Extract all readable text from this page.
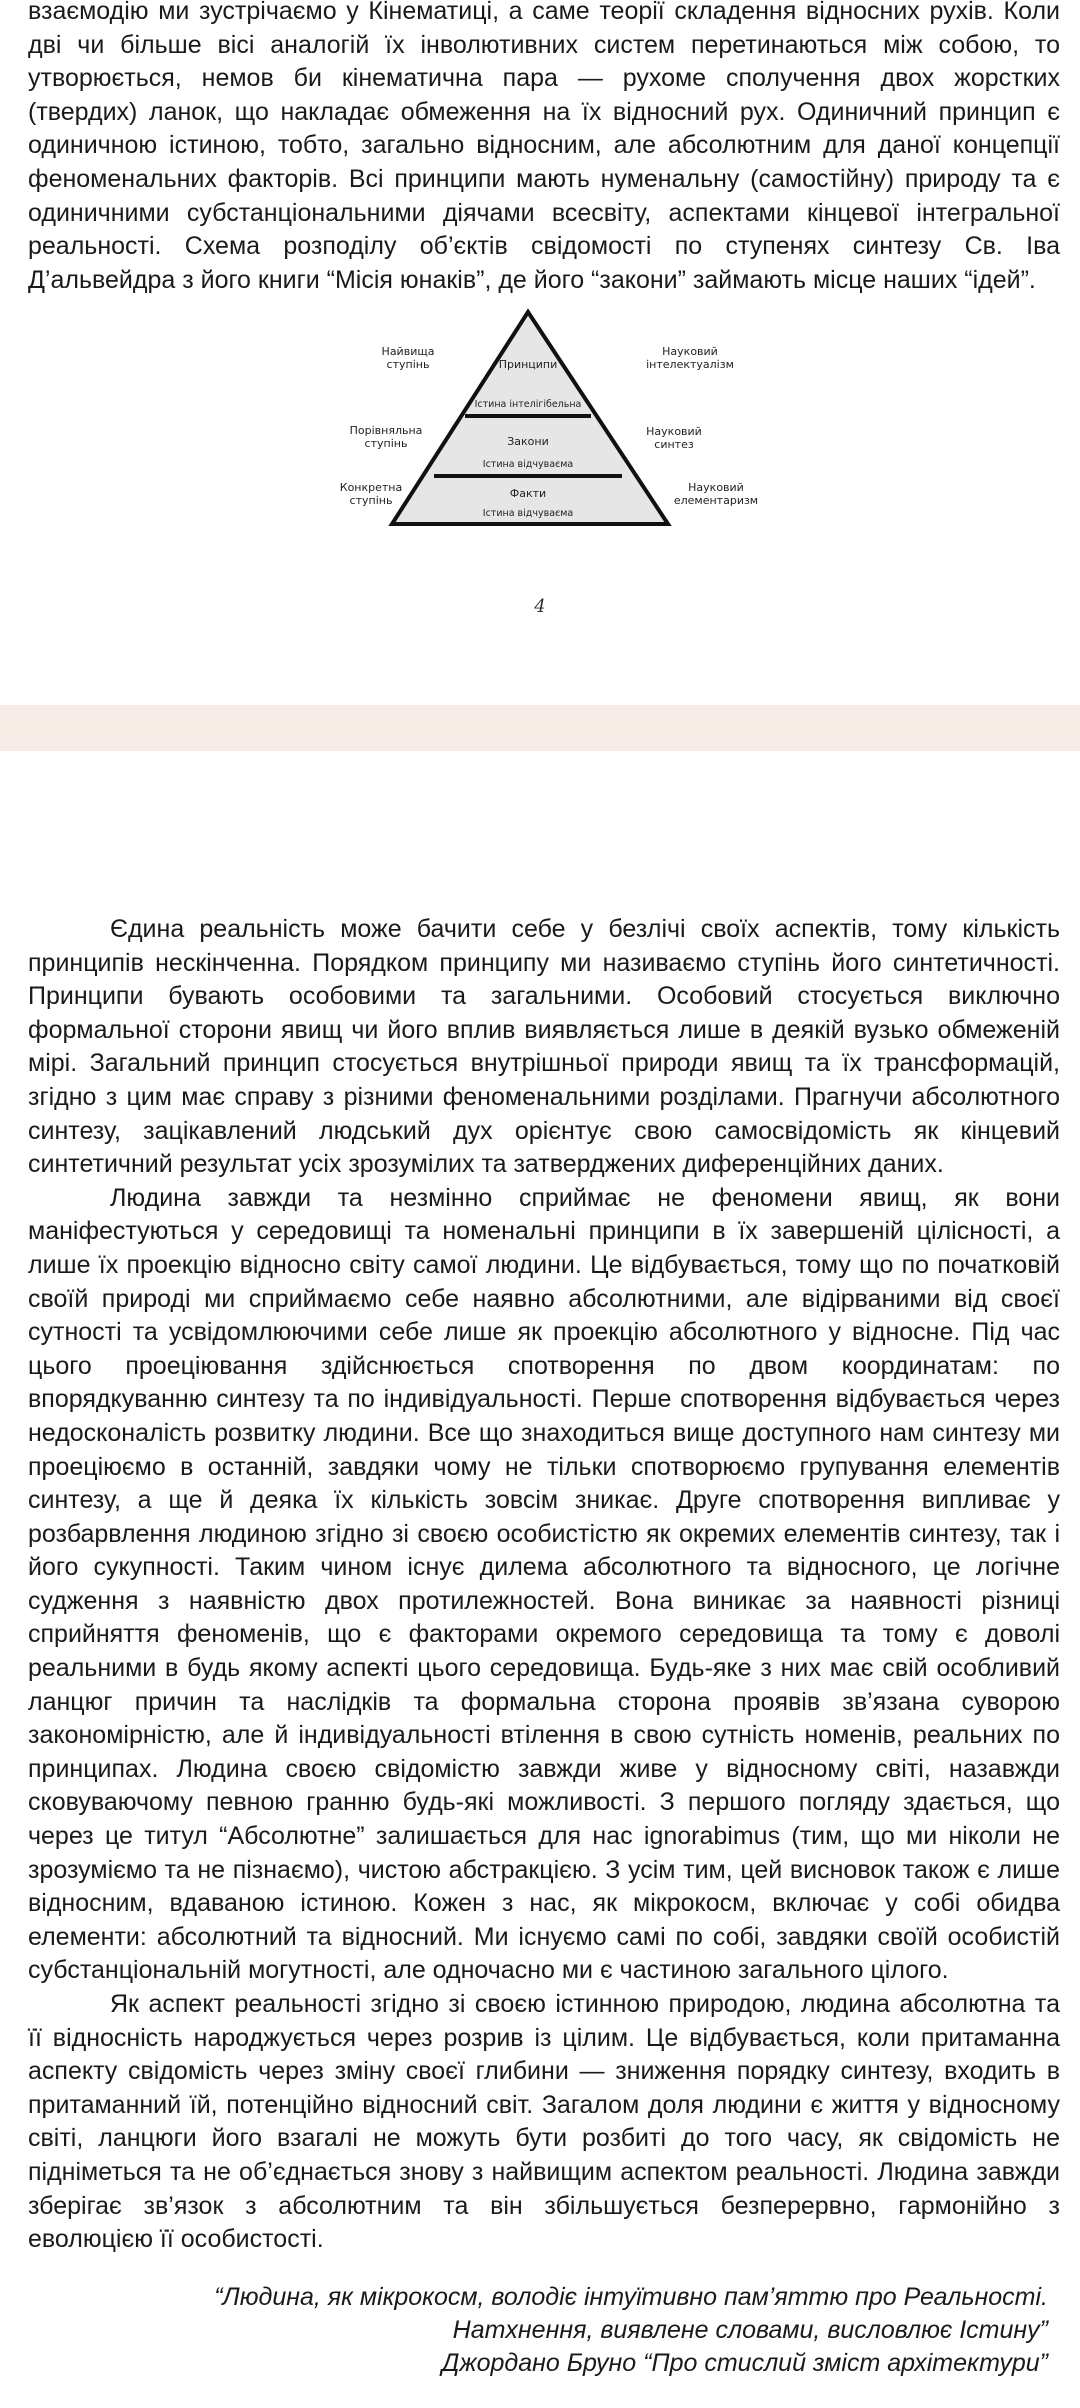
взаємодію ми зустрічаємо у Кінематиці, а саме теорії складення відносних рухів. Коли
дві чи більше вісі аналогій їх інволютивних систем перетинаються між собою, то
утворюється, немов би кінематична пара — рухоме сполучення двох жорстких
(твердих) ланок, що накладає обмеження на їх відносний рух. Одиничний принцип є
одиничною істиною, тобто, загально відносним, але абсолютним для даної концепції
феноменальних факторів. Всі принципи мають нуменальну (самостійну) природу та є
одиничними субстанціональними діячами всесвіту, аспектами кінцевої інтегральної
реальності. Схема розподілу об’єктів свідомості по ступенях синтезу Св. Іва
Д’альвейдра з його книги “Місія юнаків”, де його “закони” займають місце наших “ідей”.
Принципи
Істина інтелігібельна
Найвища
ступінь
Науковий
інтелектуалізм
Закони
Істина відчуваєма
Порівняльна
ступінь
Науковий
синтез
Факти
Істина відчуваєма
Конкретна
ступінь
Науковий
елементаризм
4
Єдина реальність може бачити себе у безлічі своїх аспектів, тому кількість
принципів нескінченна. Порядком принципу ми називаємо ступінь його синтетичності.
Принципи бувають особовими та загальними. Особовий стосується виключно
формальної сторони явищ чи його вплив виявляється лише в деякій вузько обмеженій
мірі. Загальний принцип стосується внутрішньої природи явищ та їх трансформацій,
згідно з цим має справу з різними феноменальними розділами. Прагнучи абсолютного
синтезу, зацікавлений людський дух орієнтує свою самосвідомість як кінцевий
синтетичний результат усіх зрозумілих та затверджених диференційних даних.
Людина завжди та незмінно сприймає не феномени явищ, як вони
маніфестуються у середовищі та номенальні принципи в їх завершеній цілісності, а
лише їх проекцію відносно світу самої людини. Це відбувається, тому що по початковій
своїй природі ми сприймаємо себе наявно абсолютними, але відірваними від своєї
сутності та усвідомлюючими себе лише як проекцію абсолютного у відносне. Під час
цього проеціювання здійснюється спотворення по двом координатам: по
впорядкуванню синтезу та по індивідуальності. Перше спотворення відбувається через
недосконалість розвитку людини. Все що знаходиться вище доступного нам синтезу ми
проеціюємо в останній, завдяки чому не тільки спотворюємо групування елементів
синтезу, а ще й деяка їх кількість зовсім зникає. Друге спотворення випливає у
розбарвлення людиною згідно зі своєю особистістю як окремих елементів синтезу, так і
його сукупності. Таким чином існує дилема абсолютного та відносного, це логічне
судження з наявністю двох протилежностей. Вона виникає за наявності різниці
сприйняття феноменів, що є факторами окремого середовища та тому є доволі
реальними в будь якому аспекті цього середовища. Будь-яке з них має свій особливий
ланцюг причин та наслідків та формальна сторона проявів зв’язана суворою
закономірністю, але й індивідуальності втілення в свою сутність номенів, реальних по
принципах. Людина своєю свідомістю завжди живе у відносному світі, назавжди
сковуваючому певною гранню будь-які можливості. З першого погляду здається, що
через це титул “Абсолютне” залишається для нас ignorabimus (тим, що ми ніколи не
зрозуміємо та не пізнаємо), чистою абстракцією. З усім тим, цей висновок також є лише
відносним, вдаваною істиною. Кожен з нас, як мікрокосм, включає у собі обидва
елементи: абсолютний та відносний. Ми існуємо самі по собі, завдяки своїй особистій
субстанціональній могутності, але одночасно ми є частиною загального цілого.
Як аспект реальності згідно зі своєю істинною природою, людина абсолютна та
її відносність народжується через розрив із цілим. Це відбувається, коли притаманна
аспекту свідомість через зміну своєї глибини — зниження порядку синтезу, входить в
притаманний їй, потенційно відносний світ. Загалом доля людини є життя у відносному
світі, ланцюги його взагалі не можуть бути розбиті до того часу, як свідомість не
підніметься та не об’єднається знову з найвищим аспектом реальності. Людина завжди
зберігає зв’язок з абсолютним та він збільшується безперервно, гармонійно з
еволюцією її особистості.
“Людина, як мікрокосм, володіє інтуїтивно пам’яттю про Реальності.
Натхнення, виявлене словами, висловлює Істину”
Джордано Бруно “Про стислий зміст архітектури”
